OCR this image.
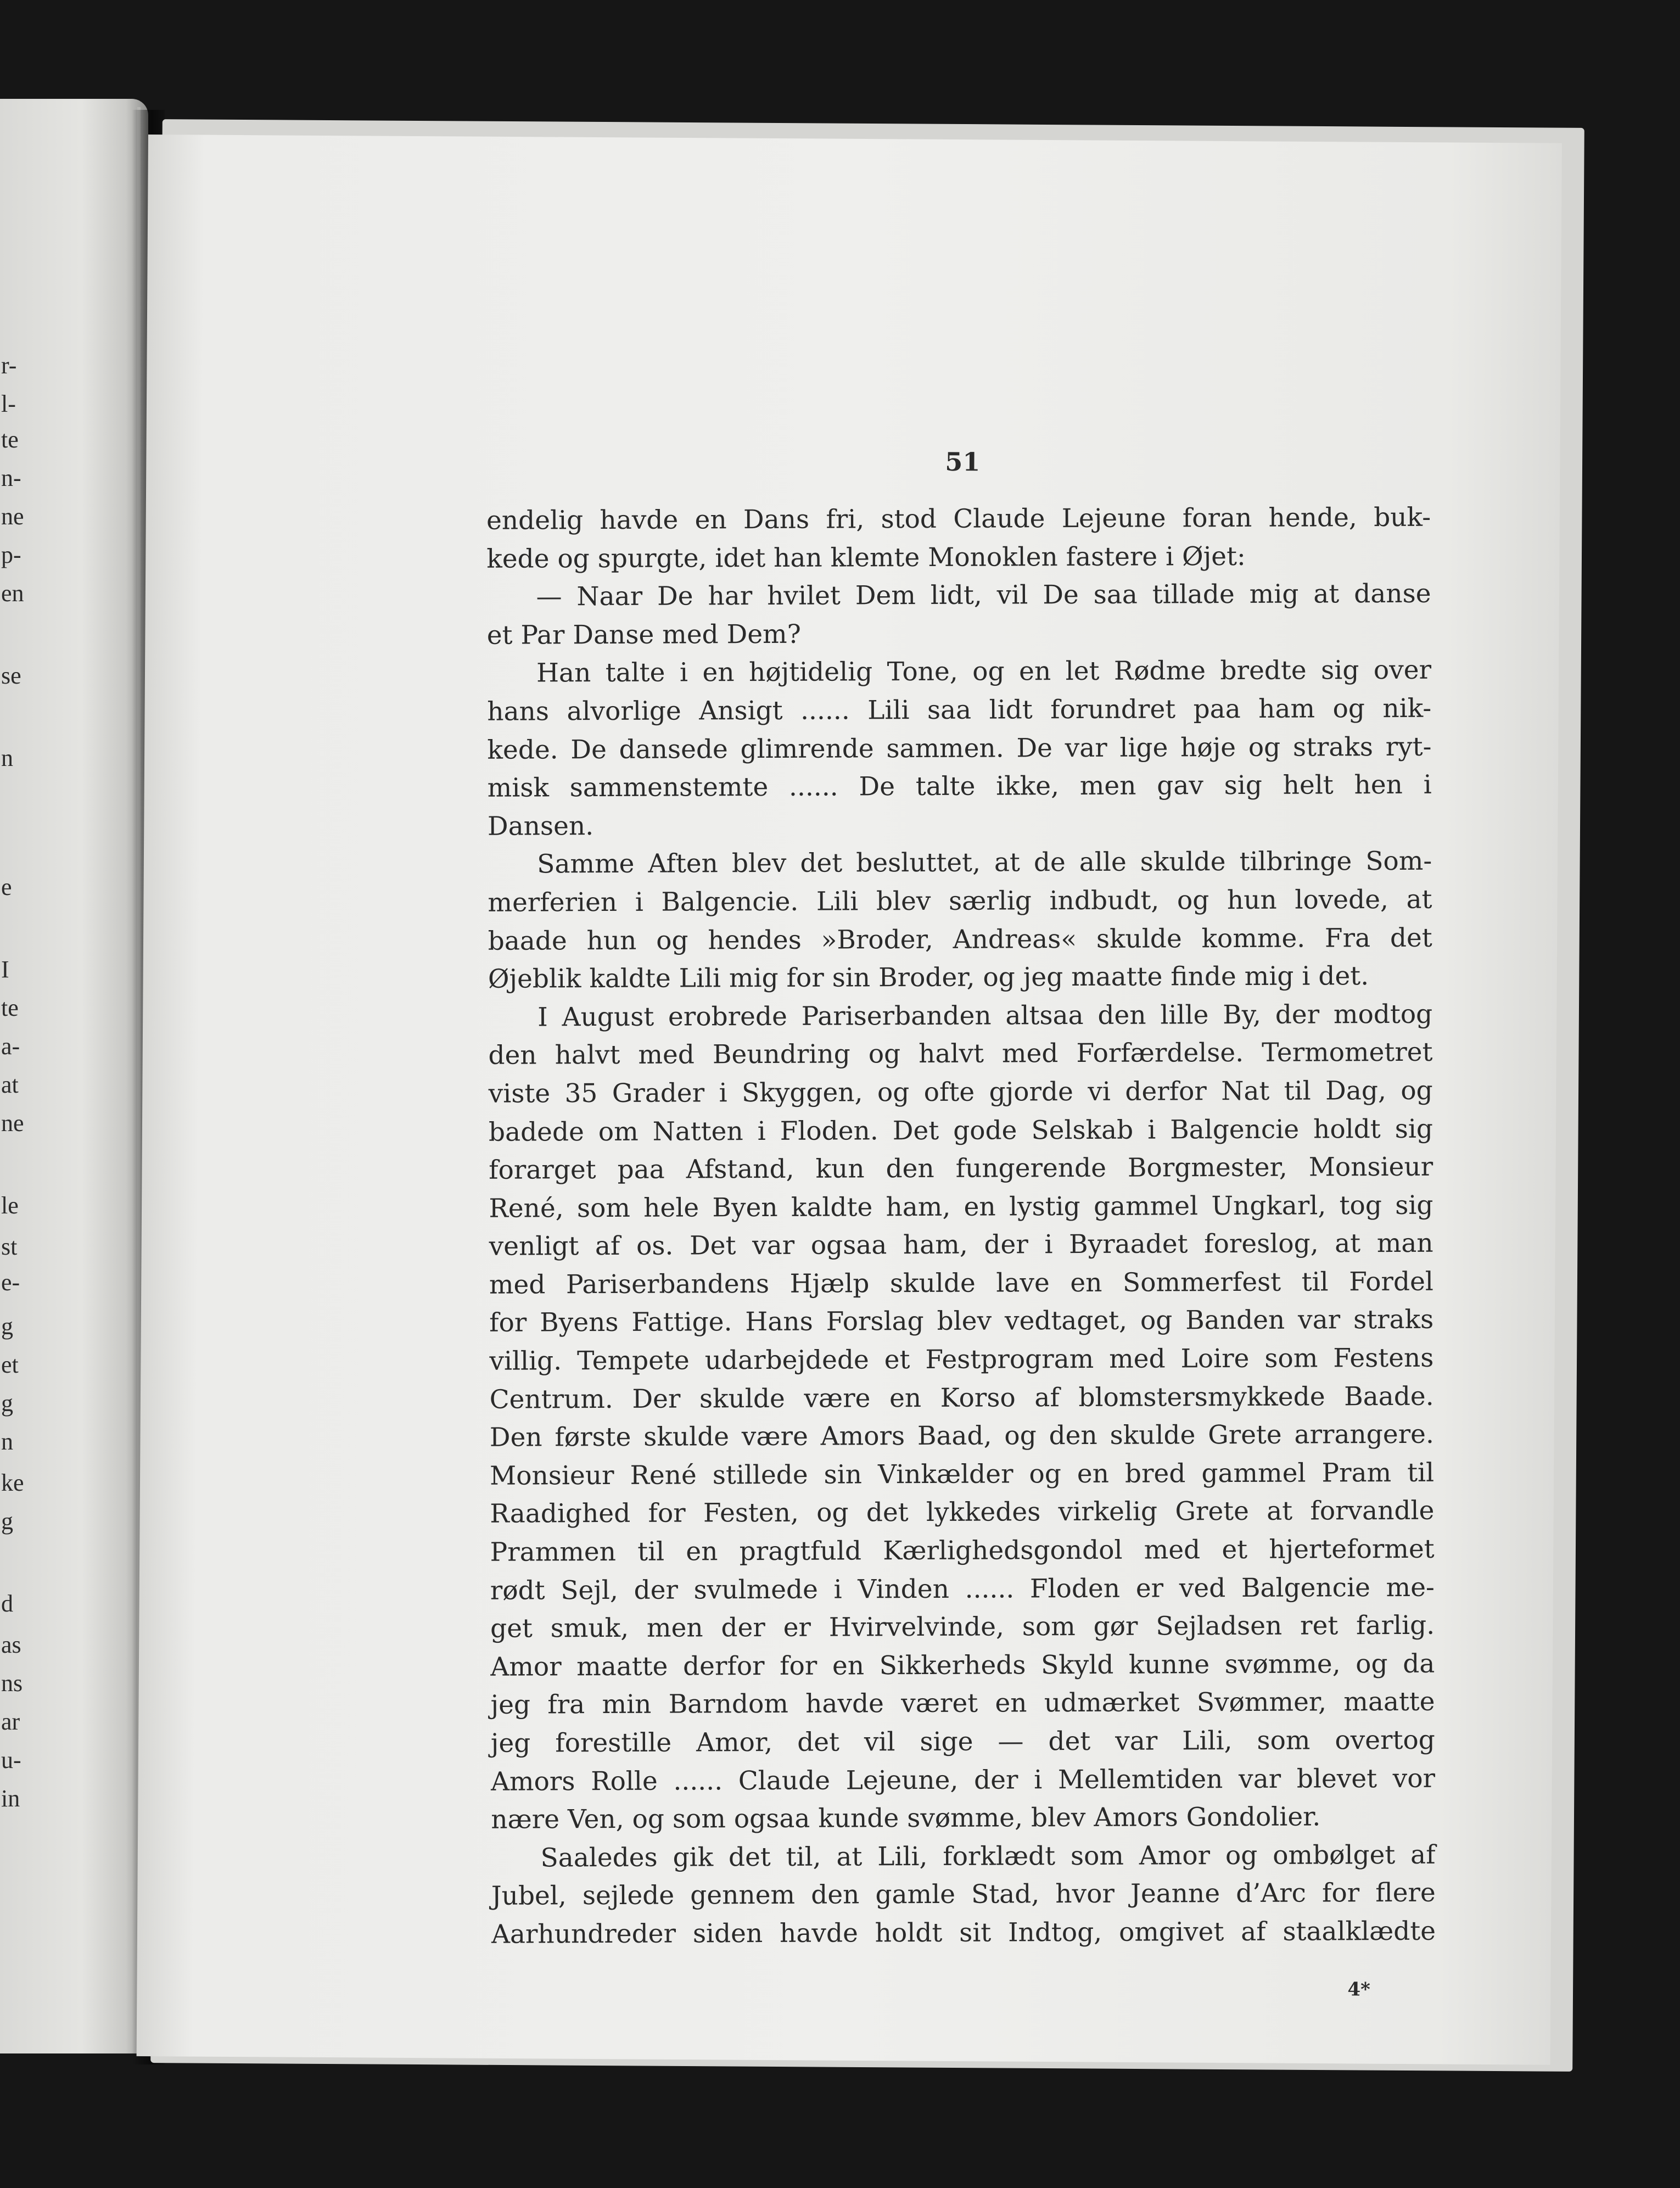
r-
l-
te
n-
ne
p-
en
se
n
e
I
te
a-
at
ne
le
st
e-
g
et
g
n
ke
g
d
as
ns
ar
u-
in
51
endelig havde en Dans fri, stod Claude Lejeune foran hende, buk-
kede og spurgte, idet han klemte Monoklen fastere i Øjet:
— Naar De har hvilet Dem lidt, vil De saa tillade mig at danse
et Par Danse med Dem?
Han talte i en højtidelig Tone, og en let Rødme bredte sig over
hans alvorlige Ansigt ...... Lili saa lidt forundret paa ham og nik-
kede. De dansede glimrende sammen. De var lige høje og straks ryt-
misk sammenstemte ...... De talte ikke, men gav sig helt hen i
Dansen.
Samme Aften blev det besluttet, at de alle skulde tilbringe Som-
merferien i Balgencie. Lili blev særlig indbudt, og hun lovede, at
baade hun og hendes »Broder, Andreas« skulde komme. Fra det
Øjeblik kaldte Lili mig for sin Broder, og jeg maatte finde mig i det.
I August erobrede Pariserbanden altsaa den lille By, der modtog
den halvt med Beundring og halvt med Forfærdelse. Termometret
viste 35 Grader i Skyggen, og ofte gjorde vi derfor Nat til Dag, og
badede om Natten i Floden. Det gode Selskab i Balgencie holdt sig
forarget paa Afstand, kun den fungerende Borgmester, Monsieur
René, som hele Byen kaldte ham, en lystig gammel Ungkarl, tog sig
venligt af os. Det var ogsaa ham, der i Byraadet foreslog, at man
med Pariserbandens Hjælp skulde lave en Sommerfest til Fordel
for Byens Fattige. Hans Forslag blev vedtaget, og Banden var straks
villig. Tempete udarbejdede et Festprogram med Loire som Festens
Centrum. Der skulde være en Korso af blomstersmykkede Baade.
Den første skulde være Amors Baad, og den skulde Grete arrangere.
Monsieur René stillede sin Vinkælder og en bred gammel Pram til
Raadighed for Festen, og det lykkedes virkelig Grete at forvandle
Prammen til en pragtfuld Kærlighedsgondol med et hjerteformet
rødt Sejl, der svulmede i Vinden ...... Floden er ved Balgencie me-
get smuk, men der er Hvirvelvinde, som gør Sejladsen ret farlig.
Amor maatte derfor for en Sikkerheds Skyld kunne svømme, og da
jeg fra min Barndom havde været en udmærket Svømmer, maatte
jeg forestille Amor, det vil sige — det var Lili, som overtog
Amors Rolle ...... Claude Lejeune, der i Mellemtiden var blevet vor
nære Ven, og som ogsaa kunde svømme, blev Amors Gondolier.
Saaledes gik det til, at Lili, forklædt som Amor og ombølget af
Jubel, sejlede gennem den gamle Stad, hvor Jeanne d’Arc for flere
Aarhundreder siden havde holdt sit Indtog, omgivet af staalklædte
4*
